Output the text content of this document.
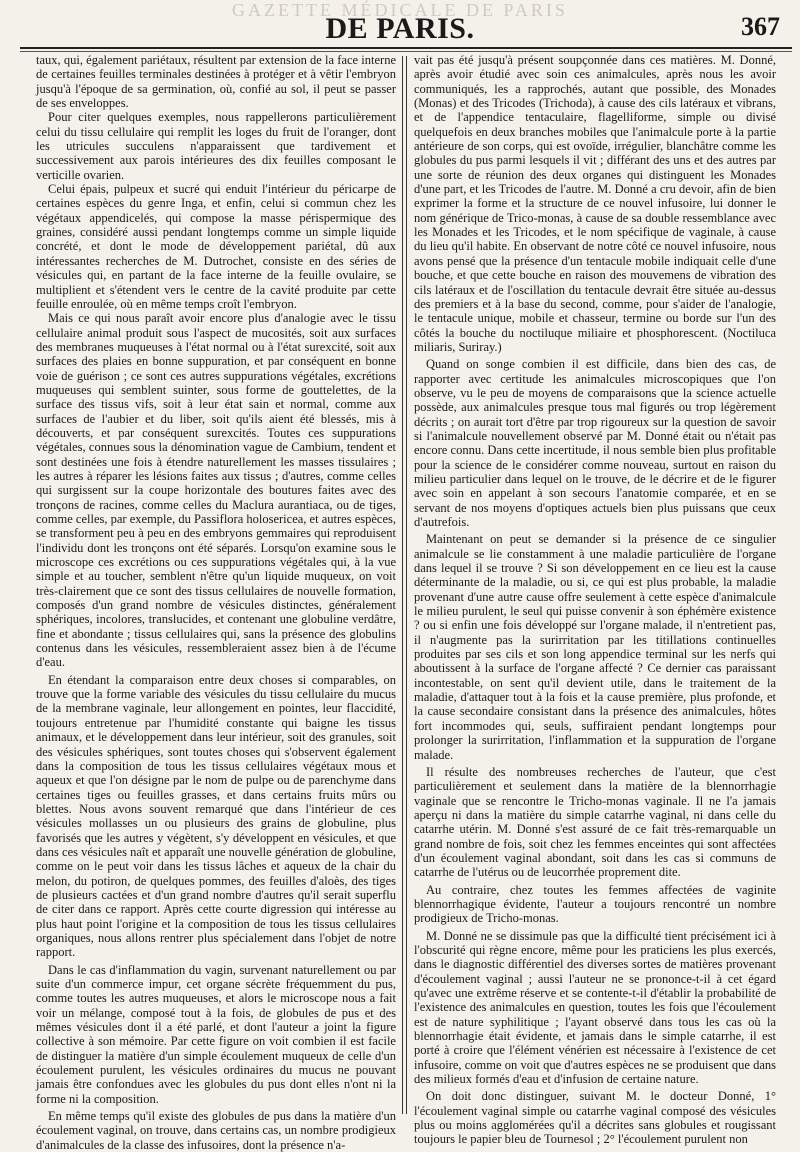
GAZETTE MÉDICALE DE PARIS
DE PARIS.	367

taux, qui, également pariétaux, résultent par extension de la face interne de certaines feuilles terminales destinées à protéger et à vêtir l'embryon jusqu'à l'époque de sa germination, où, confié au sol, il peut se passer de ses enveloppes.

Pour citer quelques exemples, nous rappellerons particulièrement celui du tissu cellulaire qui remplit les loges du fruit de l'oranger, dont les utricules succulens n'apparaissent que tardivement et successivement aux parois intérieures des dix feuilles composant le verticille ovarien.

Celui épais, pulpeux et sucré qui enduit l'intérieur du péricarpe de certaines espèces du genre Inga, et enfin, celui si commun chez les végétaux appendicelés, qui compose la masse périspermique des graines, considéré aussi pendant longtemps comme un simple liquide concrété, et dont le mode de développement pariétal, dû aux intéressantes recherches de M. Dutrochet, consiste en des séries de vésicules qui, en partant de la face interne de la feuille ovulaire, se multiplient et s'étendent vers le centre de la cavité produite par cette feuille enroulée, où en même temps croît l'embryon.

Mais ce qui nous paraît avoir encore plus d'analogie avec le tissu cellulaire animal produit sous l'aspect de mucosités, soit aux surfaces des membranes muqueuses à l'état normal ou à l'état surexcité, soit aux surfaces des plaies en bonne suppuration, et par conséquent en bonne voie de guérison ; ce sont ces autres suppurations végétales, excrétions muqueuses qui semblent suinter, sous forme de gouttelettes, de la surface des tissus vifs, soit à leur état sain et normal, comme aux surfaces de l'aubier et du liber, soit qu'ils aient été blessés, mis à découverts, et par conséquent surexcités. Toutes ces suppurations végétales, connues sous la dénomination vague de Cambium, tendent et sont destinées une fois à étendre naturellement les masses tissulaires ; les autres à réparer les lésions faites aux tissus ; d'autres, comme celles qui surgissent sur la coupe horizontale des boutures faites avec des tronçons de racines, comme celles du Maclura aurantiaca, ou de tiges, comme celles, par exemple, du Passiflora holosericea, et autres espèces, se transforment peu à peu en des embryons gemmaires qui reproduisent l'individu dont les tronçons ont été séparés. Lorsqu'on examine sous le microscope ces excrétions ou ces suppurations végétales qui, à la vue simple et au toucher, semblent n'être qu'un liquide muqueux, on voit très-clairement que ce sont des tissus cellulaires de nouvelle formation, composés d'un grand nombre de vésicules distinctes, généralement sphériques, incolores, translucides, et contenant une globuline verdâtre, fine et abondante ; tissus cellulaires qui, sans la présence des globulins contenus dans les vésicules, ressembleraient assez bien à de l'écume d'eau.

En étendant la comparaison entre deux choses si comparables, on trouve que la forme variable des vésicules du tissu cellulaire du mucus de la membrane vaginale, leur allongement en pointes, leur flaccidité, toujours entretenue par l'humidité constante qui baigne les tissus animaux, et le développement dans leur intérieur, soit des granules, soit des vésicules sphériques, sont toutes choses qui s'observent également dans la composition de tous les tissus cellulaires végétaux mous et aqueux et que l'on désigne par le nom de pulpe ou de parenchyme dans certaines tiges ou feuilles grasses, et dans certains fruits mûrs ou blettes. Nous avons souvent remarqué que dans l'intérieur de ces vésicules mollasses un ou plusieurs des grains de globuline, plus favorisés que les autres y végètent, s'y développent en vésicules, et que dans ces vésicules naît et apparaît une nouvelle génération de globuline, comme on le peut voir dans les tissus lâches et aqueux de la chair du melon, du potiron, de quelques pommes, des feuilles d'aloès, des tiges de plusieurs cactées et d'un grand nombre d'autres qu'il serait superflu de citer dans ce rapport. Après cette courte digression qui intéresse au plus haut point l'origine et la composition de tous les tissus cellulaires organiques, nous allons rentrer plus spécialement dans l'objet de notre rapport.

Dans le cas d'inflammation du vagin, survenant naturellement ou par suite d'un commerce impur, cet organe sécrète fréquemment du pus, comme toutes les autres muqueuses, et alors le microscope nous a fait voir un mélange, composé tout à la fois, de globules de pus et des mêmes vésicules dont il a été parlé, et dont l'auteur a joint la figure collective à son mémoire. Par cette figure on voit combien il est facile de distinguer la matière d'un simple écoulement muqueux de celle d'un écoulement purulent, les vésicules ordinaires du mucus ne pouvant jamais être confondues avec les globules du pus dont elles n'ont ni la forme ni la composition.

En même temps qu'il existe des globules de pus dans la matière d'un écoulement vaginal, on trouve, dans certains cas, un nombre prodigieux d'animalcules de la classe des infusoires, dont la présence n'a-

vait pas été jusqu'à présent soupçonnée dans ces matières. M. Donné, après avoir étudié avec soin ces animalcules, après nous les avoir communiqués, les a rapprochés, autant que possible, des Monades (Monas) et des Tricodes (Trichoda), à cause des cils latéraux et vibrans, et de l'appendice tentaculaire, flagelliforme, simple ou divisé quelquefois en deux branches mobiles que l'animalcule porte à la partie antérieure de son corps, qui est ovoïde, irrégulier, blanchâtre comme les globules du pus parmi lesquels il vit ; différant des uns et des autres par une sorte de réunion des deux organes qui distinguent les Monades d'une part, et les Tricodes de l'autre. M. Donné a cru devoir, afin de bien exprimer la forme et la structure de ce nouvel infusoire, lui donner le nom générique de Trico-monas, à cause de sa double ressemblance avec les Monades et les Tricodes, et le nom spécifique de vaginale, à cause du lieu qu'il habite. En observant de notre côté ce nouvel infusoire, nous avons pensé que la présence d'un tentacule mobile indiquait celle d'une bouche, et que cette bouche en raison des mouvemens de vibration des cils latéraux et de l'oscillation du tentacule devrait être située au-dessus des premiers et à la base du second, comme, pour s'aider de l'analogie, le tentacule unique, mobile et chasseur, termine ou borde sur l'un des côtés la bouche du noctiluque miliaire et phosphorescent. (Noctiluca miliaris, Suriray.)

Quand on songe combien il est difficile, dans bien des cas, de rapporter avec certitude les animalcules microscopiques que l'on observe, vu le peu de moyens de comparaisons que la science actuelle possède, aux animalcules presque tous mal figurés ou trop légèrement décrits ; on aurait tort d'être par trop rigoureux sur la question de savoir si l'animalcule nouvellement observé par M. Donné était ou n'était pas encore connu. Dans cette incertitude, il nous semble bien plus profitable pour la science de le considérer comme nouveau, surtout en raison du milieu particulier dans lequel on le trouve, de le décrire et de le figurer avec soin en appelant à son secours l'anatomie comparée, et en se servant de nos moyens d'optiques actuels bien plus puissans que ceux d'autrefois.

Maintenant on peut se demander si la présence de ce singulier animalcule se lie constamment à une maladie particulière de l'organe dans lequel il se trouve ? Si son développement en ce lieu est la cause déterminante de la maladie, ou si, ce qui est plus probable, la maladie provenant d'une autre cause offre seulement à cette espèce d'animalcule le milieu purulent, le seul qui puisse convenir à son éphémère existence ? ou si enfin une fois développé sur l'organe malade, il n'entretient pas, il n'augmente pas la surirritation par les titillations continuelles produites par ses cils et son long appendice terminal sur les nerfs qui aboutissent à la surface de l'organe affecté ? Ce dernier cas paraissant incontestable, on sent qu'il devient utile, dans le traitement de la maladie, d'attaquer tout à la fois et la cause première, plus profonde, et la cause secondaire consistant dans la présence des animalcules, hôtes fort incommodes qui, seuls, suffiraient pendant longtemps pour prolonger la surirritation, l'inflammation et la suppuration de l'organe malade.

Il résulte des nombreuses recherches de l'auteur, que c'est particulièrement et seulement dans la matière de la blennorrhagie vaginale que se rencontre le Tricho-monas vaginale. Il ne l'a jamais aperçu ni dans la matière du simple catarrhe vaginal, ni dans celle du catarrhe utérin. M. Donné s'est assuré de ce fait très-remarquable un grand nombre de fois, soit chez les femmes enceintes qui sont affectées d'un écoulement vaginal abondant, soit dans les cas si communs de catarrhe de l'utérus ou de leucorrhée proprement dite.

Au contraire, chez toutes les femmes affectées de vaginite blennorrhagique évidente, l'auteur a toujours rencontré un nombre prodigieux de Tricho-monas.

M. Donné ne se dissimule pas que la difficulté tient précisément ici à l'obscurité qui règne encore, même pour les praticiens les plus exercés, dans le diagnostic différentiel des diverses sortes de matières provenant d'écoulement vaginal ; aussi l'auteur ne se prononce-t-il à cet égard qu'avec une extrême réserve et se contente-t-il d'établir la probabilité de l'existence des animalcules en question, toutes les fois que l'écoulement est de nature syphilitique ; l'ayant observé dans tous les cas où la blennorrhagie était évidente, et jamais dans le simple catarrhe, il est porté à croire que l'élément vénérien est nécessaire à l'existence de cet infusoire, comme on voit que d'autres espèces ne se produisent que dans des milieux formés d'eau et d'infusion de certaine nature.

On doit donc distinguer, suivant M. le docteur Donné, 1° l'écoulement vaginal simple ou catarrhe vaginal composé des vésicules plus ou moins agglomérées qu'il a décrites sans globules et rougissant toujours le papier bleu de Tournesol ; 2° l'écoulement purulent non
